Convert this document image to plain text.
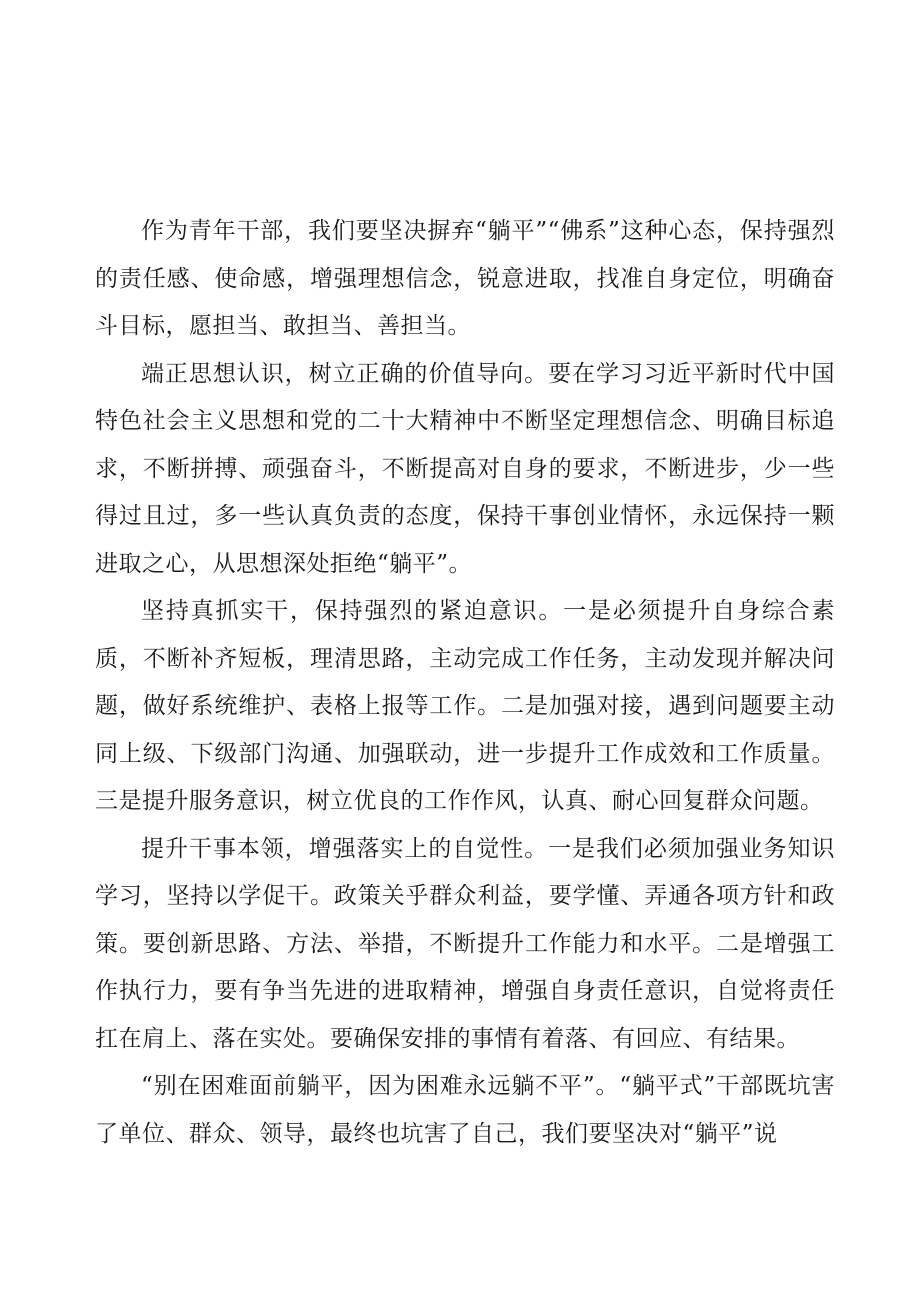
作为青年干部，我们要坚决摒弃“躺平”“佛系”这种心态，保持强烈的责任感、使命感，增强理想信念，锐意进取，找准自身定位，明确奋斗目标，愿担当、敢担当、善担当。

端正思想认识，树立正确的价值导向。要在学习习近平新时代中国特色社会主义思想和党的二十大精神中不断坚定理想信念、明确目标追求，不断拼搏、顽强奋斗，不断提高对自身的要求，不断进步，少一些得过且过，多一些认真负责的态度，保持干事创业情怀，永远保持一颗进取之心，从思想深处拒绝“躺平”。

坚持真抓实干，保持强烈的紧迫意识。一是必须提升自身综合素质，不断补齐短板，理清思路，主动完成工作任务，主动发现并解决问题，做好系统维护、表格上报等工作。二是加强对接，遇到问题要主动同上级、下级部门沟通、加强联动，进一步提升工作成效和工作质量。三是提升服务意识，树立优良的工作作风，认真、耐心回复群众问题。

提升干事本领，增强落实上的自觉性。一是我们必须加强业务知识学习，坚持以学促干。政策关乎群众利益，要学懂、弄通各项方针和政策。要创新思路、方法、举措，不断提升工作能力和水平。二是增强工作执行力，要有争当先进的进取精神，增强自身责任意识，自觉将责任扛在肩上、落在实处。要确保安排的事情有着落、有回应、有结果。

“别在困难面前躺平，因为困难永远躺不平”。“躺平式”干部既坑害了单位、群众、领导，最终也坑害了自己，我们要坚决对“躺平”说
